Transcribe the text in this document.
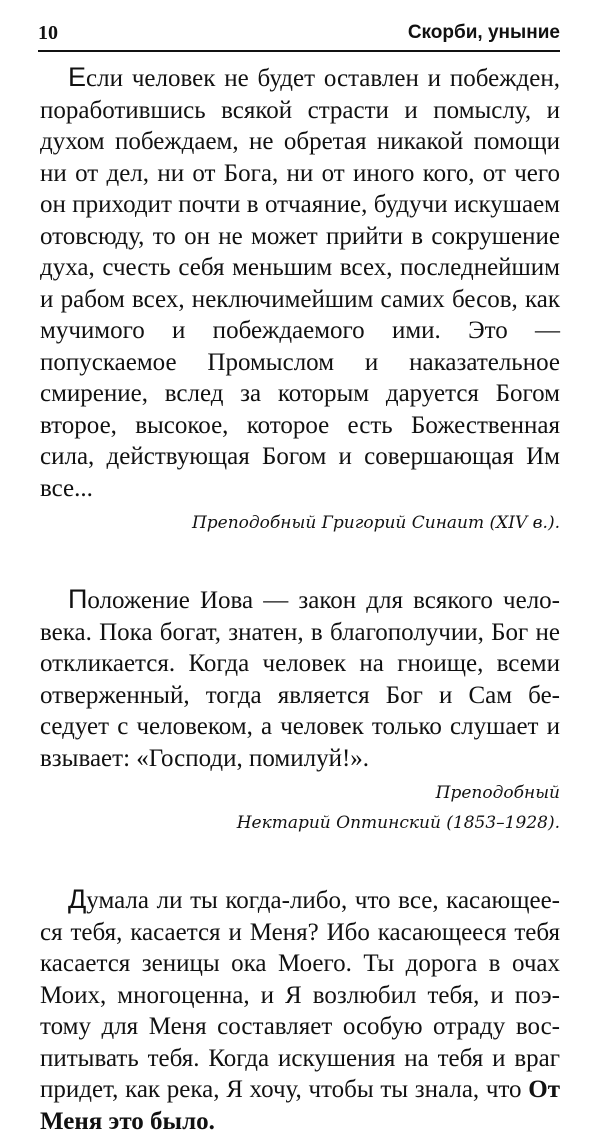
10	Скорби, уныние

Если человек не будет оставлен и побежден, поработившись всякой страсти и помыслу, и духом побеждаем, не обретая никакой помощи ни от дел, ни от Бога, ни от иного кого, от чего он приходит почти в отчаяние, будучи искушаем отовсюду, то он не может прийти в сокрушение духа, счесть себя меньшим всех, последнейшим и рабом всех, неключимейшим самих бесов, как мучимого и побеждаемого ими. Это — попускаемое Промыслом и наказательное смирение, вслед за которым даруется Богом второе, высокое, которое есть Божественная сила, действующая Богом и совершающая Им все...

Преподобный Григорий Синаит (XIV в.).

Положение Иова — закон для всякого человека. Пока богат, знатен, в благополучии, Бог не откликается. Когда человек на гноище, всеми отверженный, тогда является Бог и Сам беседует с человеком, а человек только слушает и взывает: «Господи, помилуй!».

Преподобный
Нектарий Оптинский (1853–1928).

Думала ли ты когда-либо, что все, касающееся тебя, касается и Меня? Ибо касающееся тебя касается зеницы ока Моего. Ты дорога в очах Моих, многоценна, и Я возлюбил тебя, и поэтому для Меня составляет особую отраду воспитывать тебя. Когда искушения на тебя и враг придет, как река, Я хочу, чтобы ты знала, что От Меня это было.
